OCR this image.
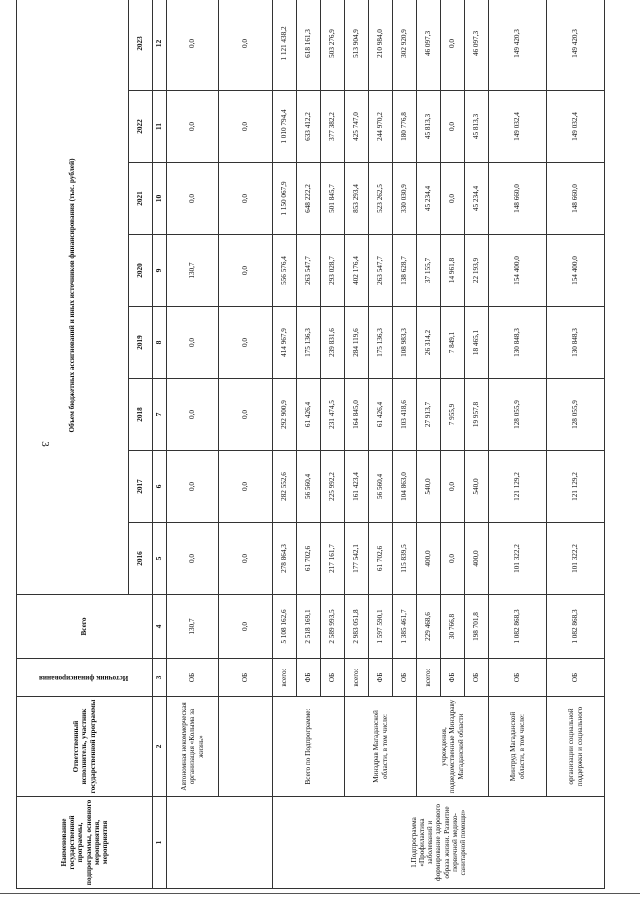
3
Наименование государственной программы, подпрограммы, основного мероприятия, мероприятия	Ответственный исполнитель, участник государственной программы	Источник финансирования	Всего	Объем бюджетных ассигнований и иных источников финансирования (тыс. рублей)							
				2016	2017	2018	2019	2020	2021	2022	2023
1	2	3	4	5	6	7	8	9	10	11	12
	Автономная некоммерческая организация «Колыма за жизнь»	ОБ	130,7	0,0	0,0	0,0	0,0	130,7	0,0	0,0	0,0
		ОБ	0,0	0,0	0,0	0,0	0,0	0,0	0,0	0,0	0,0
1.Подпрограмма «Профилактика заболеваний и формирование здорового образа жизни. Развитие первичной медико-санитарной помощи»	Всего по Подпрограмме:	всего:	5 108 162,6	278 864,3	282 552,6	292 900,9	414 967,9	556 576,4	1 150 067,9	1 010 794,4	1 121 438,2
		ФБ	2 518 169,1	61 702,6	56 560,4	61 426,4	175 136,3	263 547,7	648 222,2	633 412,2	618 161,3
		ОБ	2 589 993,5	217 161,7	225 992,2	231 474,5	239 831,6	293 028,7	501 845,7	377 382,2	503 276,9
	Минздрав Магаданской области, в том числе:	всего:	2 983 051,8	177 542,1	161 423,4	164 845,0	284 119,6	402 176,4	853 293,4	425 747,0	513 904,9
		ФБ	1 597 590,1	61 702,6	56 560,4	61 426,4	175 136,3	263 547,7	523 262,5	244 970,2	210 984,0
		ОБ	1 385 461,7	115 839,5	104 863,0	103 418,6	108 983,3	138 628,7	330 030,9	180 776,8	302 920,9
	учреждения, подведомственные Минздраву Магаданской области	всего:	229 468,6	400,0	540,0	27 913,7	26 314,2	37 155,7	45 234,4	45 813,3	46 097,3
		ФБ	30 766,8	0,0	0,0	7 955,9	7 849,1	14 961,8	0,0	0,0	0,0
		ОБ	198 701,8	400,0	540,0	19 957,8	18 465,1	22 193,9	45 234,4	45 813,3	46 097,3
	Минтруд Магаданской области, в том числе:	ОБ	1 082 868,3	101 322,2	121 129,2	128 055,9	130 848,3	154 400,0	148 660,0	149 032,4	149 420,3
	организации социальной поддержки и социального	ОБ	1 082 868,3	101 322,2	121 129,2	128 055,9	130 848,3	154 400,0	148 660,0	149 032,4	149 420,3
